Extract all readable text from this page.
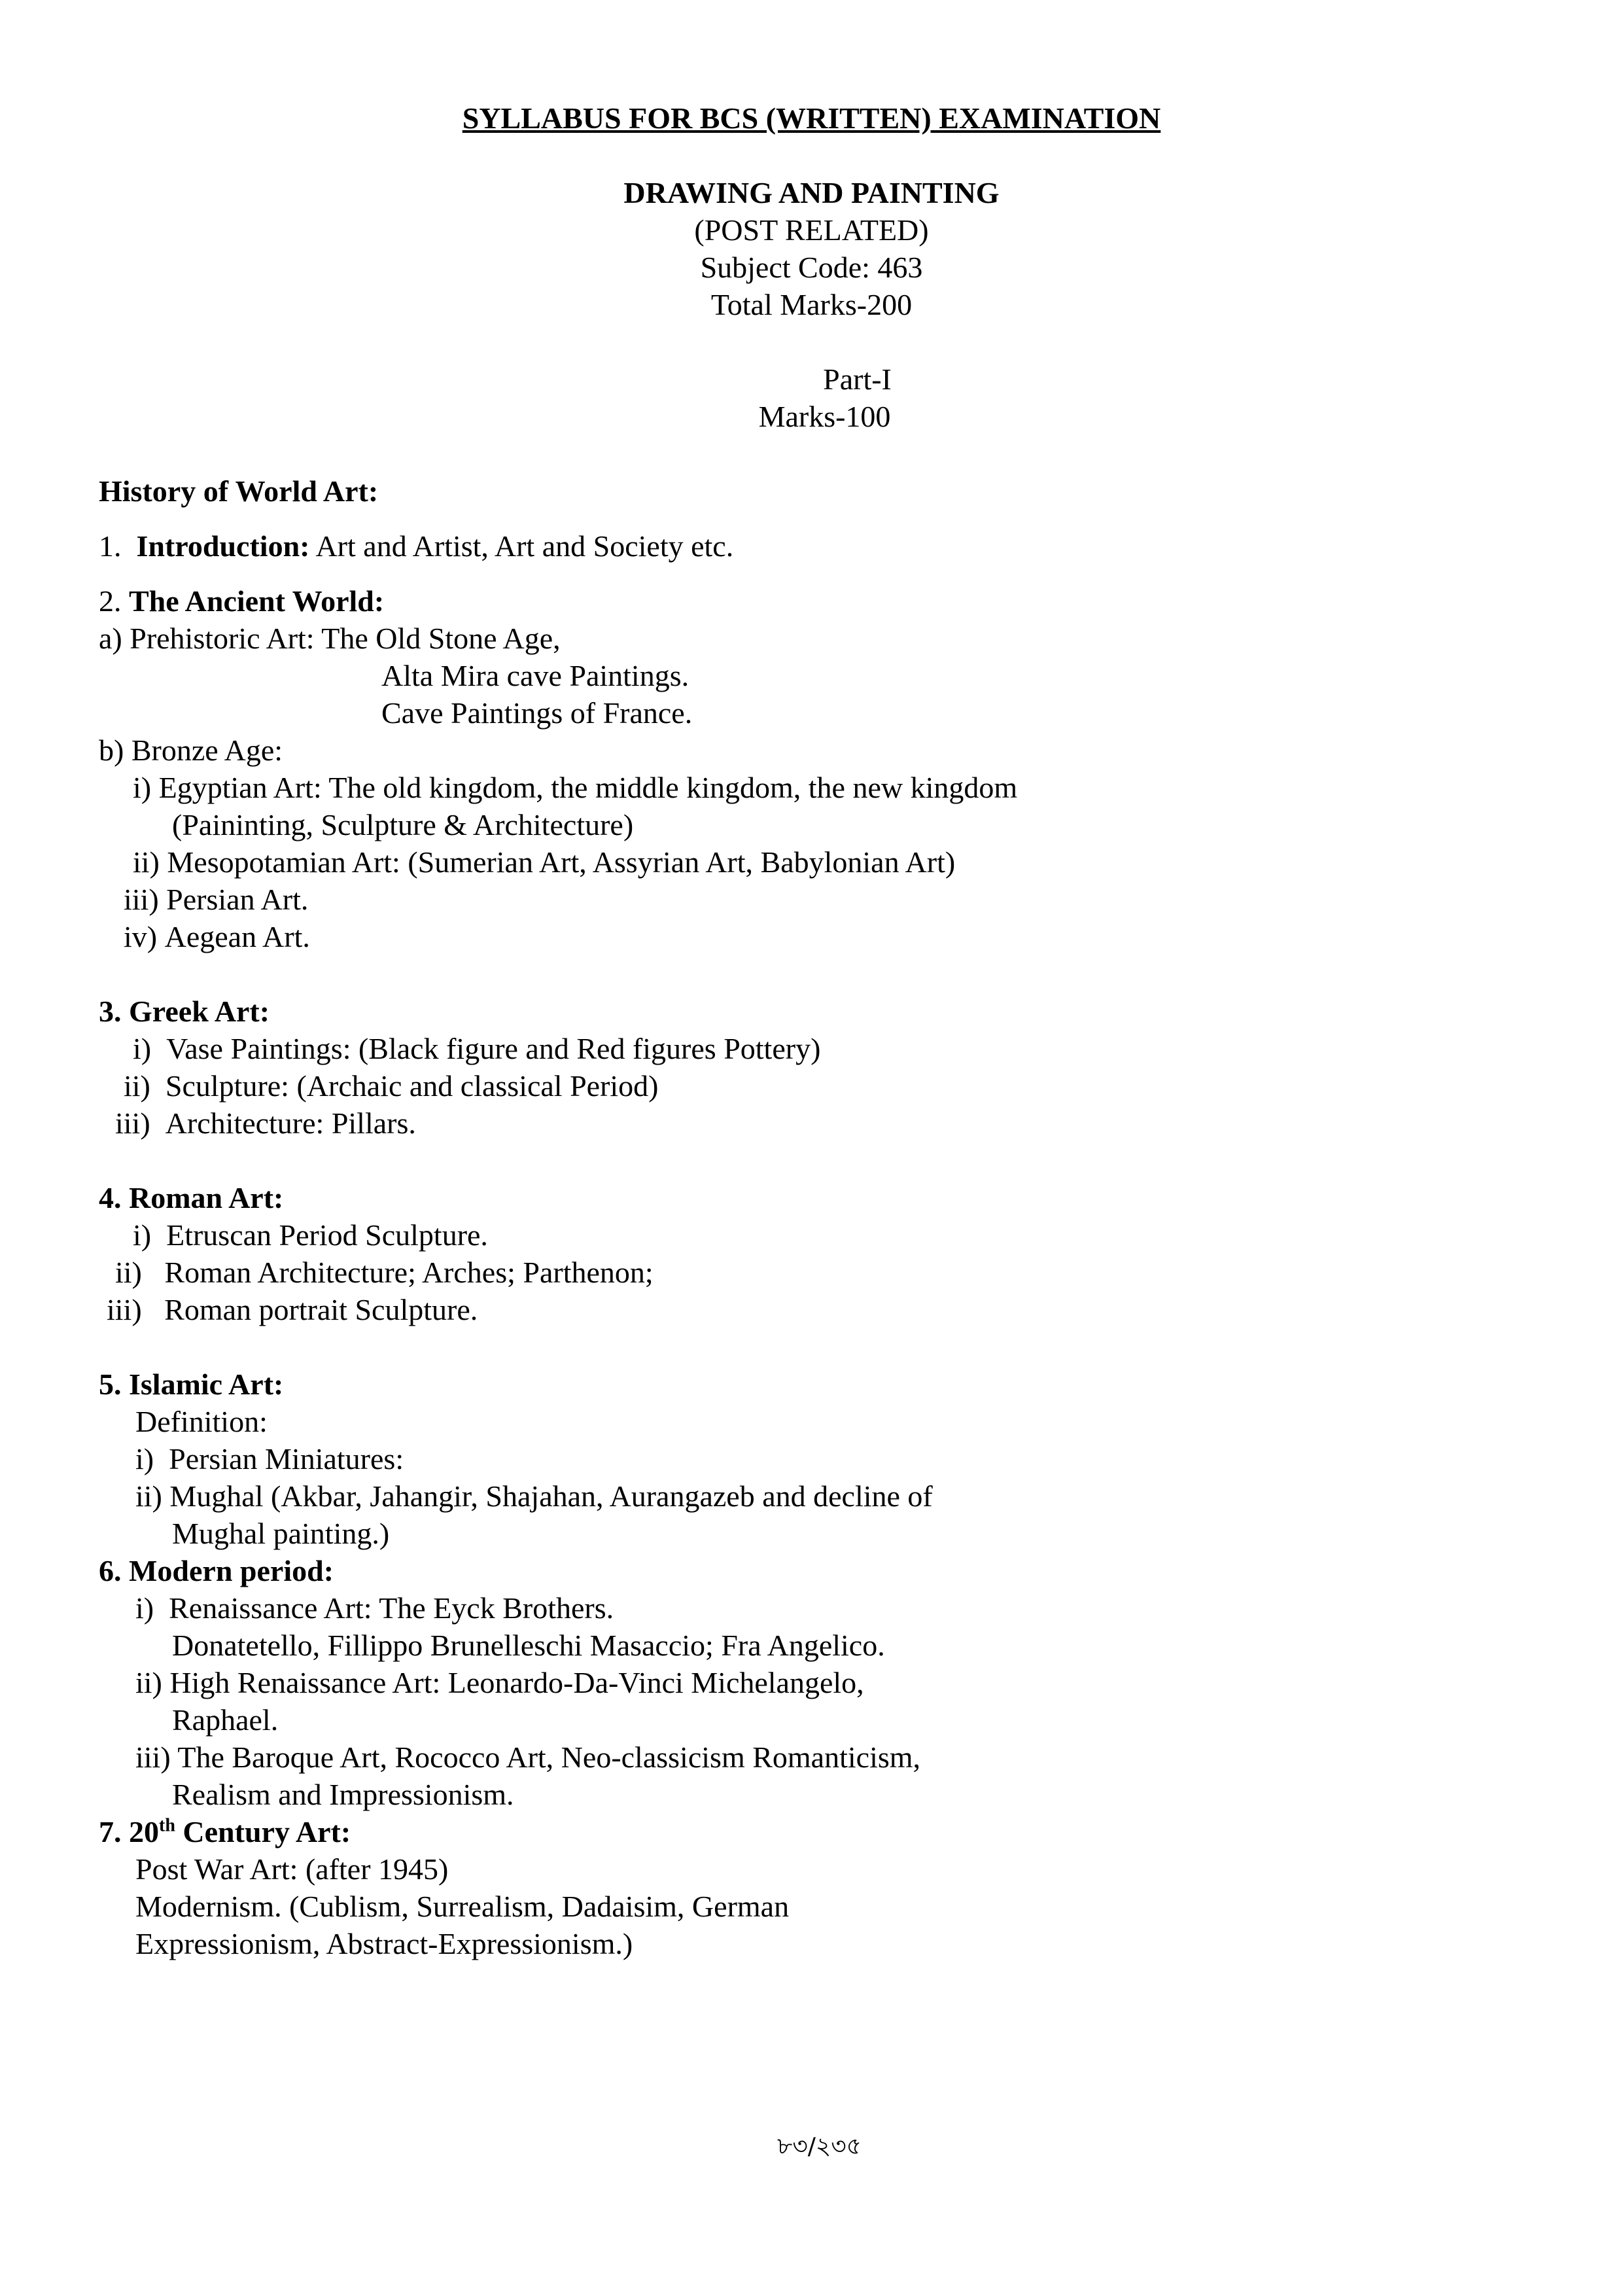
SYLLABUS FOR BCS (WRITTEN) EXAMINATION
DRAWING AND PAINTING
(POST RELATED)
Subject Code: 463
Total Marks-200
Part-I
Marks-100
History of World Art:
1. Introduction: Art and Artist, Art and Society etc.
2. The Ancient World:
a) Prehistoric Art: The Old Stone Age,
Alta Mira cave Paintings.
Cave Paintings of France.
b) Bronze Age:
i) Egyptian Art: The old kingdom, the middle kingdom, the new kingdom
(Paininting, Sculpture & Architecture)
ii) Mesopotamian Art: (Sumerian Art, Assyrian Art, Babylonian Art)
iii) Persian Art.
iv) Aegean Art.
3. Greek Art:
i) Vase Paintings: (Black figure and Red figures Pottery)
ii) Sculpture: (Archaic and classical Period)
iii) Architecture: Pillars.
4. Roman Art:
i) Etruscan Period Sculpture.
ii) Roman Architecture; Arches; Parthenon;
iii) Roman portrait Sculpture.
5. Islamic Art:
Definition:
i) Persian Miniatures:
ii) Mughal (Akbar, Jahangir, Shajahan, Aurangazeb and decline of
Mughal painting.)
6. Modern period:
i) Renaissance Art: The Eyck Brothers.
Donatetello, Fillippo Brunelleschi Masaccio; Fra Angelico.
ii) High Renaissance Art: Leonardo-Da-Vinci Michelangelo,
Raphael.
iii) The Baroque Art, Rococco Art, Neo-classicism Romanticism,
Realism and Impressionism.
7. 20th Century Art:
Post War Art: (after 1945)
Modernism. (Cublism, Surrealism, Dadaisim, German
Expressionism, Abstract-Expressionism.)
৮৩/২৩৫
